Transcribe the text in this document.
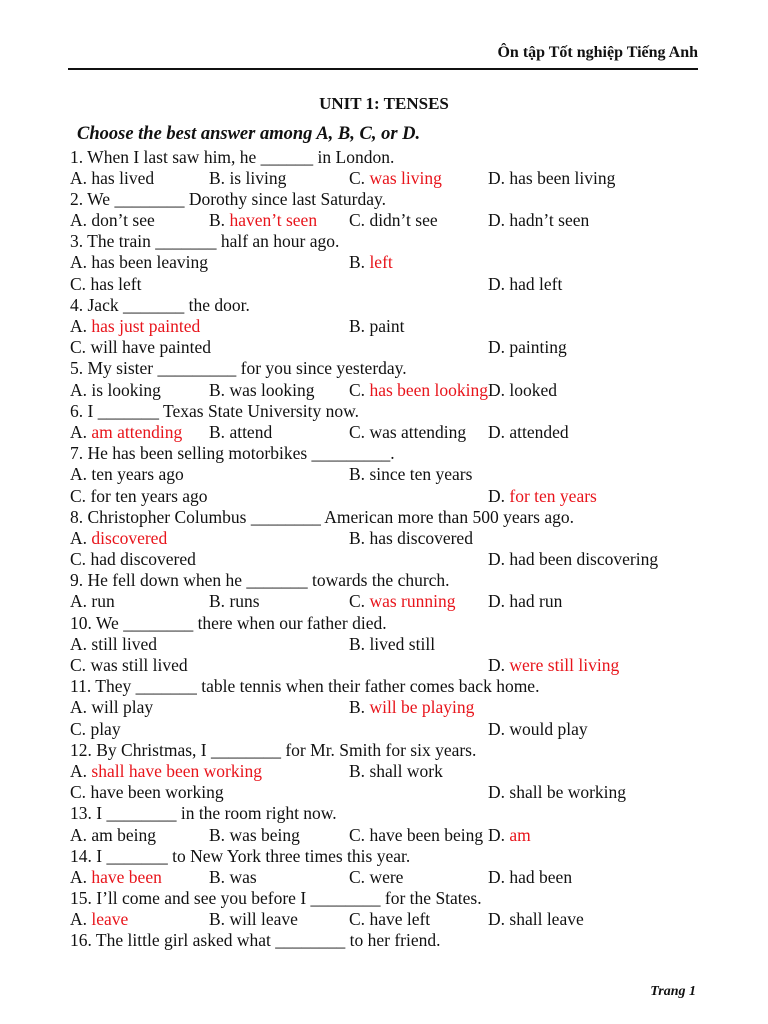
Ôn tập Tốt nghiệp Tiếng Anh
UNIT 1: TENSES
Choose the best answer among A, B, C, or D.
1. When I last saw him, he ______ in London.
A. has lived	B. is living	C. was living	D. has been living
2. We ________ Dorothy since last Saturday.
A. don’t see	B. haven’t seen C. didn’t see	D. hadn’t seen
3. The train _______ half an hour ago.
A. has been leaving	B. left
C. has left	D. had left
4. Jack _______ the door.
A. has just painted	B. paint
C. will have painted	D. painting
5. My sister _________ for you since yesterday.
A. is looking	B. was looking C. has been looking D. looked
6. I _______ Texas State University now.
A. am attending B. attend	C. was attending D. attended
7. He has been selling motorbikes _________.
A. ten years ago	B. since ten years
C. for ten years ago	D. for ten years
8. Christopher Columbus ________ American more than 500 years ago.
A. discovered	B. has discovered
C. had discovered	D. had been discovering
9. He fell down when he _______ towards the church.
A. run	B. runs	C. was running D. had run
10. We ________ there when our father died.
A. still lived	B. lived still
C. was still lived	D. were still living
11. They _______ table tennis when their father comes back home.
A. will play	B. will be playing
C. play	D. would play
12. By Christmas, I ________ for Mr. Smith for six years.
A. shall have been working	B. shall work
C. have been working	D. shall be working
13. I ________ in the room right now.
A. am being	B. was being	C. have been being D. am
14. I _______ to New York three times this year.
A. have been	B. was	C. were	D. had been
15. I’ll come and see you before I ________ for the States.
A. leave	B. will leave	C. have left	D. shall leave
16. The little girl asked what ________ to her friend.
Trang 1
